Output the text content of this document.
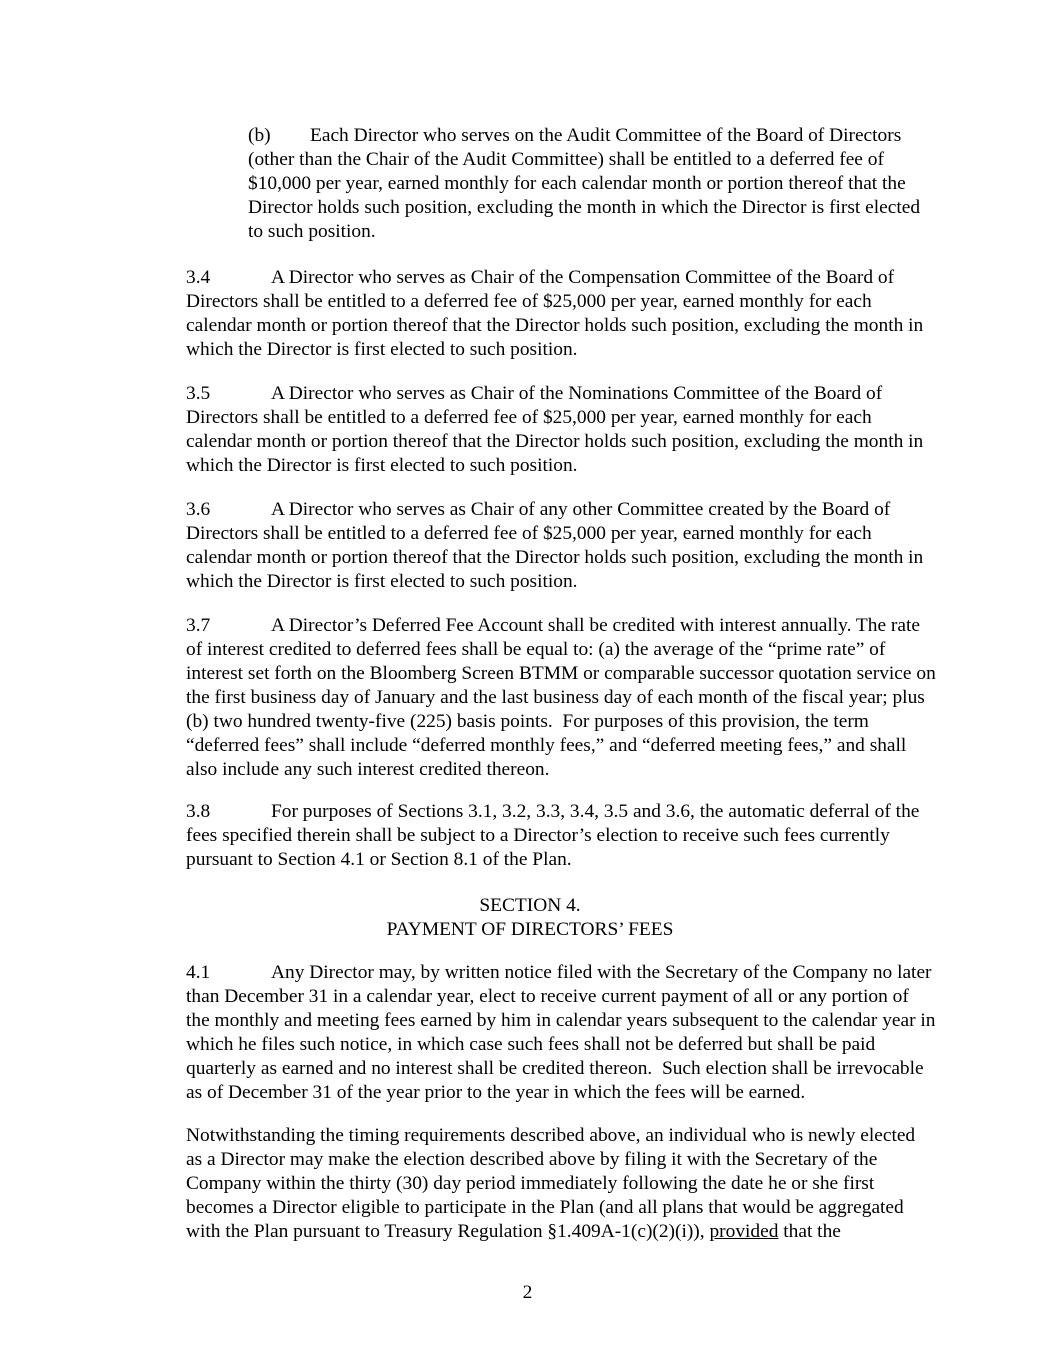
(b) Each Director who serves on the Audit Committee of the Board of Directors (other than the Chair of the Audit Committee) shall be entitled to a deferred fee of $10,000 per year, earned monthly for each calendar month or portion thereof that the Director holds such position, excluding the month in which the Director is first elected to such position.

3.4	A Director who serves as Chair of the Compensation Committee of the Board of Directors shall be entitled to a deferred fee of $25,000 per year, earned monthly for each calendar month or portion thereof that the Director holds such position, excluding the month in which the Director is first elected to such position.

3.5	A Director who serves as Chair of the Nominations Committee of the Board of Directors shall be entitled to a deferred fee of $25,000 per year, earned monthly for each calendar month or portion thereof that the Director holds such position, excluding the month in which the Director is first elected to such position.

3.6	A Director who serves as Chair of any other Committee created by the Board of Directors shall be entitled to a deferred fee of $25,000 per year, earned monthly for each calendar month or portion thereof that the Director holds such position, excluding the month in which the Director is first elected to such position.

3.7	A Director’s Deferred Fee Account shall be credited with interest annually. The rate of interest credited to deferred fees shall be equal to: (a) the average of the “prime rate” of interest set forth on the Bloomberg Screen BTMM or comparable successor quotation service on the first business day of January and the last business day of each month of the fiscal year; plus (b) two hundred twenty-five (225) basis points.  For purposes of this provision, the term “deferred fees” shall include “deferred monthly fees,” and “deferred meeting fees,” and shall also include any such interest credited thereon.

3.8	For purposes of Sections 3.1, 3.2, 3.3, 3.4, 3.5 and 3.6, the automatic deferral of the fees specified therein shall be subject to a Director’s election to receive such fees currently pursuant to Section 4.1 or Section 8.1 of the Plan.

SECTION 4.

PAYMENT OF DIRECTORS’ FEES

4.1	Any Director may, by written notice filed with the Secretary of the Company no later than December 31 in a calendar year, elect to receive current payment of all or any portion of the monthly and meeting fees earned by him in calendar years subsequent to the calendar year in which he files such notice, in which case such fees shall not be deferred but shall be paid quarterly as earned and no interest shall be credited thereon.  Such election shall be irrevocable as of December 31 of the year prior to the year in which the fees will be earned.

Notwithstanding the timing requirements described above, an individual who is newly elected as a Director may make the election described above by filing it with the Secretary of the Company within the thirty (30) day period immediately following the date he or she first becomes a Director eligible to participate in the Plan (and all plans that would be aggregated with the Plan pursuant to Treasury Regulation §1.409A-1(c)(2)(i)), provided that the

2
